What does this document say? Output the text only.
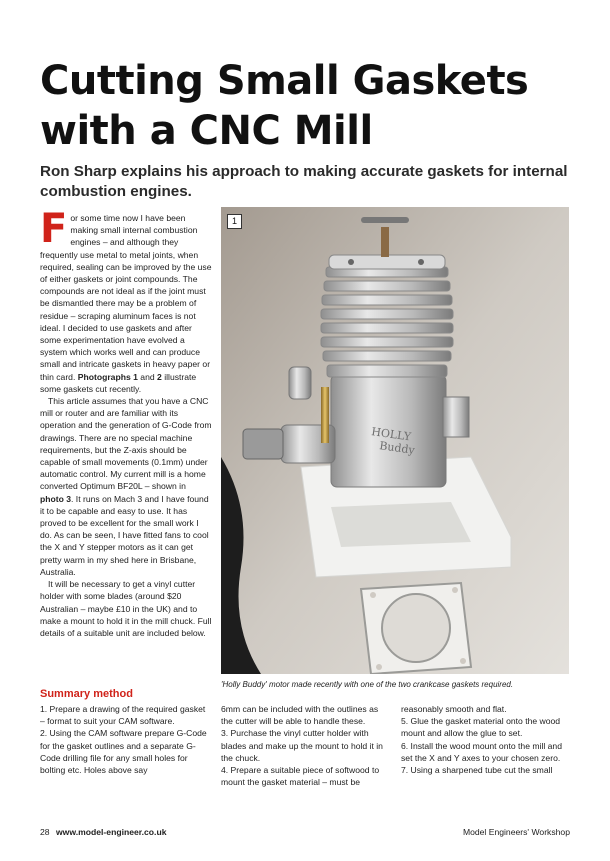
Cutting Small Gaskets
with a CNC Mill
Ron Sharp explains his approach to making accurate gaskets for internal combustion engines.

For some time now I have been making small internal combustion engines – and although they frequently use metal to metal joints, when required, sealing can be improved by the use of either gaskets or joint compounds. The compounds are not ideal as if the joint must be dismantled there may be a problem of residue – scraping aluminum faces is not ideal. I decided to use gaskets and after some experimentation have evolved a system which works well and can produce small and intricate gaskets in heavy paper or thin card. Photographs 1 and 2 illustrate some gaskets cut recently.

This article assumes that you have a CNC mill or router and are familiar with its operation and the generation of G-Code from drawings. There are no special machine requirements, but the Z-axis should be capable of small movements (0.1mm) under automatic control. My current mill is a home converted Optimum BF20L – shown in photo 3. It runs on Mach 3 and I have found it to be capable and easy to use. It has proved to be excellent for the small work I do. As can be seen, I have fitted fans to cool the X and Y stepper motors as it can get pretty warm in my shed here in Brisbane, Australia.

It will be necessary to get a vinyl cutter holder with some blades (around $20 Australian – maybe £10 in the UK) and to make a mount to hold it in the mill chuck. Full details of a suitable unit are included below.

Summary method

1. Prepare a drawing of the required gasket – format to suit your CAM software.

2. Using the CAM software prepare G-Code for the gasket outlines and a separate G-Code drilling file for any small holes for bolting etc. Holes above say

6mm can be included with the outlines as the cutter will be able to handle these.

3. Purchase the vinyl cutter holder with blades and make up the mount to hold it in the chuck.

4. Prepare a suitable piece of softwood to mount the gasket material – must be

reasonably smooth and flat.

5. Glue the gasket material onto the wood mount and allow the glue to set.

6. Install the wood mount onto the mill and set the X and Y axes to your chosen zero.

7. Using a sharpened tube cut the small

HOLLY
Buddy
1
'Holly Buddy' motor made recently with one of the two crankcase gaskets required.
28 www.model-engineer.co.uk	Model Engineers' Workshop
